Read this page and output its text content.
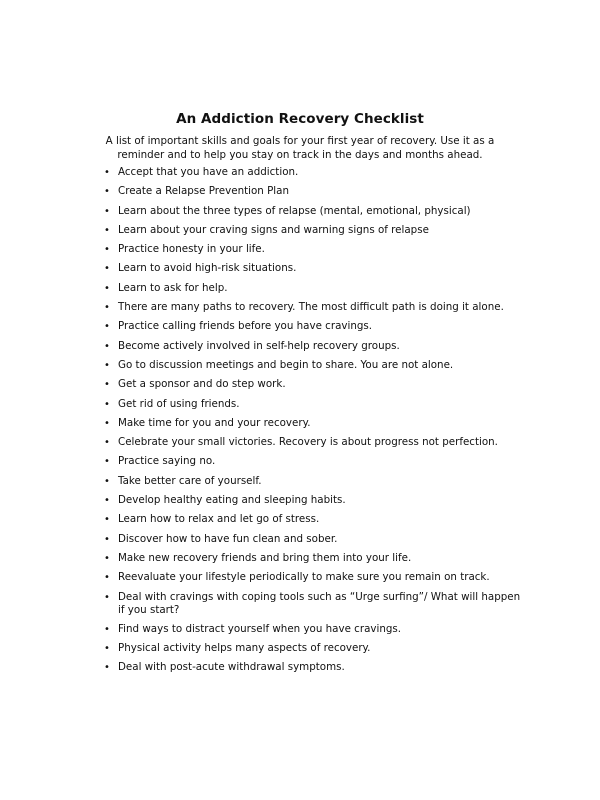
An Addiction Recovery Checklist
A list of important skills and goals for your first year of recovery. Use it as a reminder and to help you stay on track in the days and months ahead.
• Accept that you have an addiction.
• Create a Relapse Prevention Plan
• Learn about the three types of relapse (mental, emotional, physical)
• Learn about your craving signs and warning signs of relapse
• Practice honesty in your life.
• Learn to avoid high-risk situations.
• Learn to ask for help.
• There are many paths to recovery. The most difficult path is doing it alone.
• Practice calling friends before you have cravings.
• Become actively involved in self-help recovery groups.
• Go to discussion meetings and begin to share. You are not alone.
• Get a sponsor and do step work.
• Get rid of using friends.
• Make time for you and your recovery.
• Celebrate your small victories. Recovery is about progress not perfection.
• Practice saying no.
• Take better care of yourself.
• Develop healthy eating and sleeping habits.
• Learn how to relax and let go of stress.
• Discover how to have fun clean and sober.
• Make new recovery friends and bring them into your life.
• Reevaluate your lifestyle periodically to make sure you remain on track.
• Deal with cravings with coping tools such as “Urge surfing”/ What will happen if you start?
• Find ways to distract yourself when you have cravings.
• Physical activity helps many aspects of recovery.
• Deal with post-acute withdrawal symptoms.
